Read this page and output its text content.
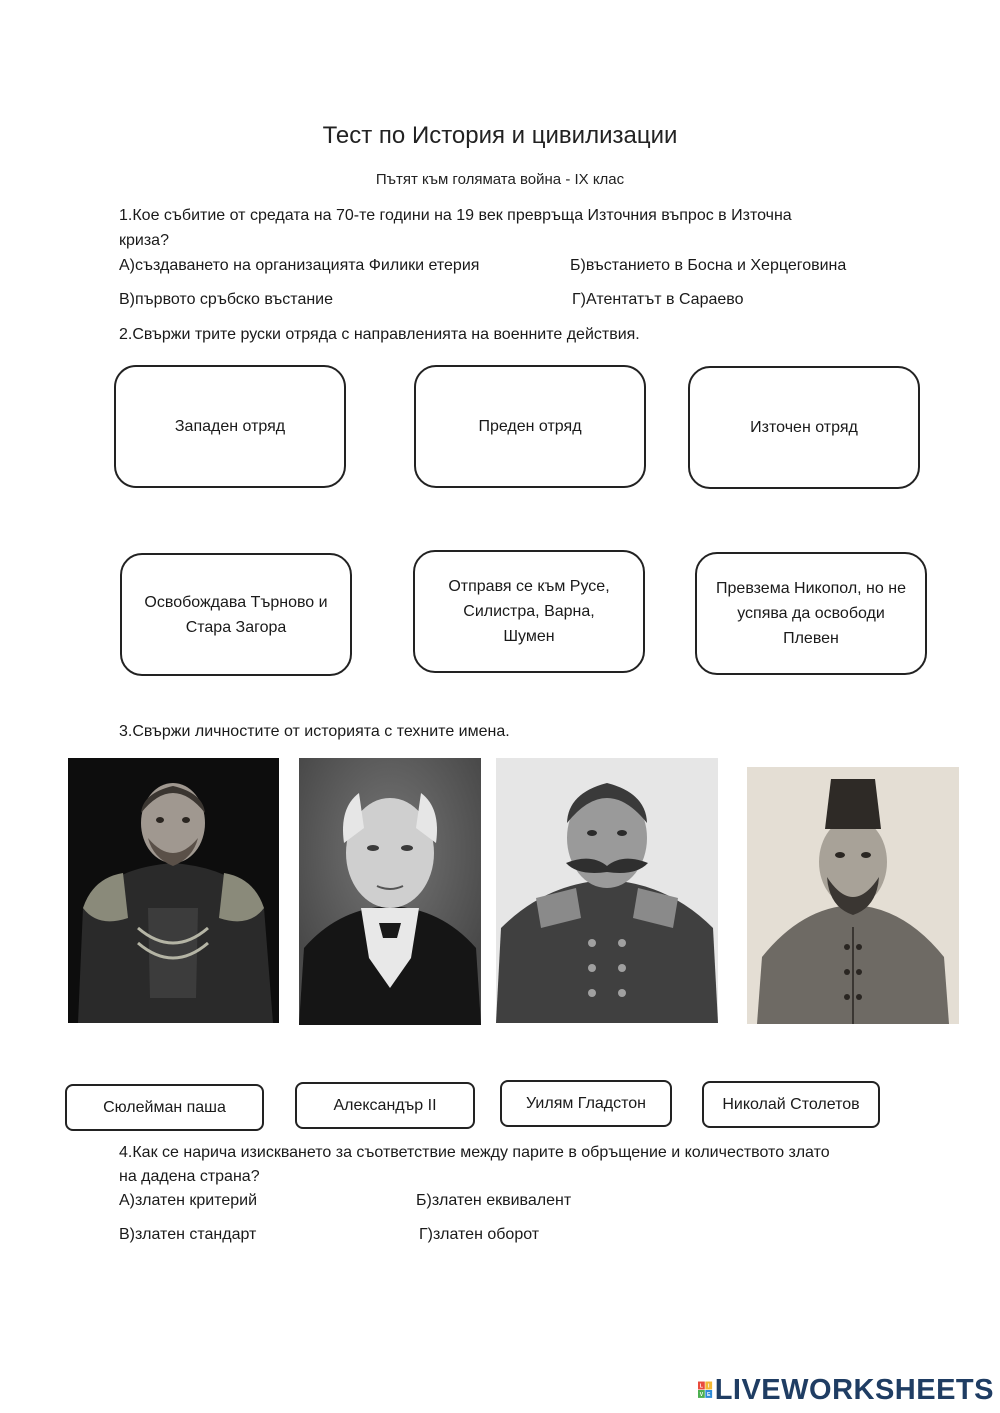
Тест по История и цивилизации
Пътят към голямата война - IX клас
1.Кое събитие от средата на 70-те години на 19 век превръща Източния въпрос в Източна
криза?
А)създаването на организацията Филики етерия	Б)въстанието в Босна и Херцеговина
В)първото сръбско въстание	Г)Атентатът в Сараево
2.Свържи трите руски отряда с направленията на военните действия.
Западен отряд	Преден отряд	Източен отряд
Освобождава Търново и Стара Загора
Отправя се към Русе, Силистра, Варна, Шумен
Превзема Никопол, но не успява да освободи Плевен
3.Свържи личностите от историята с техните имена.
Сюлейман паша	Александър II	Уилям Гладстон	Николай Столетов
4.Как се нарича изискването за съответствие между парите в обръщение и количеството злато
на дадена страна?
А)златен критерий	Б)златен еквивалент
В)златен стандарт	Г)златен оборот
L I
V E LIVEWORKSHEETS
